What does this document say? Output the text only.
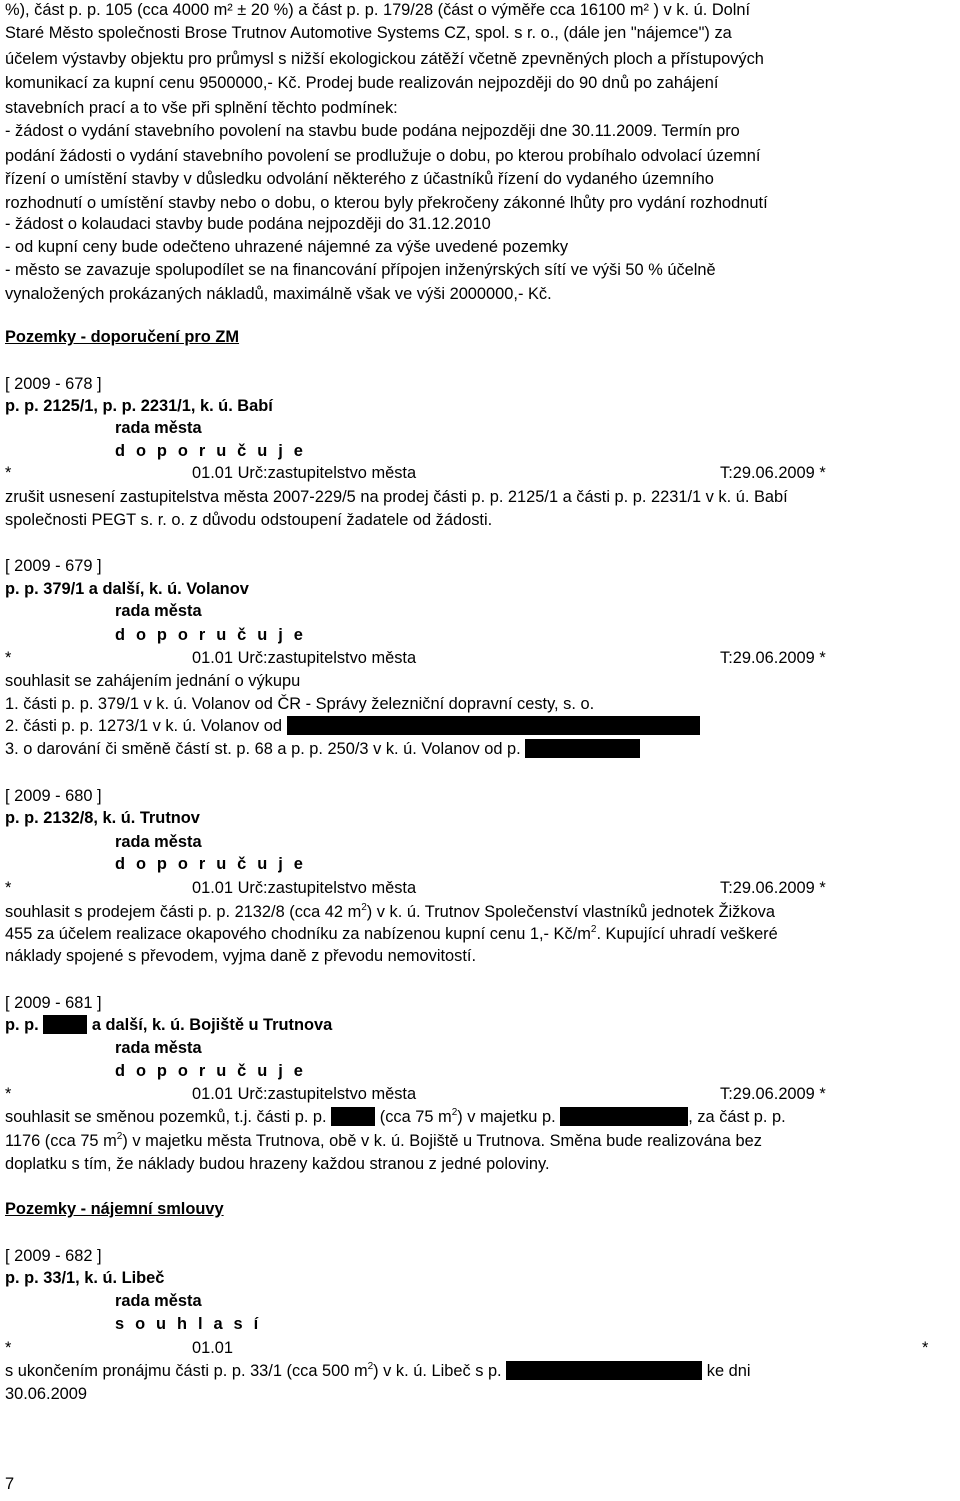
%), část p. p. 105 (cca 4000 m² ± 20 %) a část p. p. 179/28 (část o výměře cca 16100 m² ) v k. ú. Dolní
Staré Město společnosti Brose Trutnov Automotive Systems CZ, spol. s r. o., (dále jen "nájemce") za
účelem výstavby objektu pro průmysl s nižší ekologickou zátěží včetně zpevněných ploch a přístupových
komunikací za kupní cenu 9500000,- Kč. Prodej bude realizován nejpozději do 90 dnů po zahájení
stavebních prací a to vše při splnění těchto podmínek:
- žádost o vydání stavebního povolení na stavbu bude podána nejpozději dne 30.11.2009. Termín pro
podání žádosti o vydání stavebního povolení se prodlužuje o dobu, po kterou probíhalo odvolací územní
řízení o umístění stavby v důsledku odvolání některého z účastníků řízení do vydaného územního
rozhodnutí o umístění stavby nebo o dobu, o kterou byly překročeny zákonné lhůty pro vydání rozhodnutí
- žádost o kolaudaci stavby bude podána nejpozději do 31.12.2010
- od kupní ceny bude odečteno uhrazené nájemné za výše uvedené pozemky
- město se zavazuje spolupodílet se na financování přípojen inženýrských sítí ve výši 50 % účelně
vynaložených prokázaných nákladů, maximálně však ve výši 2000000,- Kč.
Pozemky - doporučení pro ZM
[ 2009 - 678 ]
p. p. 2125/1, p. p. 2231/1, k. ú. Babí
rada města
d o p o r u č u j e
*	01.01 Urč:zastupitelstvo města	T:29.06.2009 *
zrušit usnesení zastupitelstva města 2007-229/5 na prodej části p. p. 2125/1 a části p. p. 2231/1 v k. ú. Babí
společnosti PEGT s. r. o. z důvodu odstoupení žadatele od žádosti.
[ 2009 - 679 ]
p. p. 379/1 a další, k. ú. Volanov
rada města
d o p o r u č u j e
*	01.01 Urč:zastupitelstvo města	T:29.06.2009 *
souhlasit se zahájením jednání o výkupu
1. části p. p. 379/1 v k. ú. Volanov od ČR - Správy železniční dopravní cesty, s. o.
2. části p. p. 1273/1 v k. ú. Volanov od
3. o darování či směně částí st. p. 68 a p. p. 250/3 v k. ú. Volanov od p.
[ 2009 - 680 ]
p. p. 2132/8, k. ú. Trutnov
rada města
d o p o r u č u j e
*	01.01 Urč:zastupitelstvo města	T:29.06.2009 *
souhlasit s prodejem části p. p. 2132/8 (cca 42 $m^2$) v k. ú. Trutnov Společenství vlastníků jednotek Žižkova
455 za účelem realizace okapového chodníku za nabízenou kupní cenu 1,- $Kč/m^2$. Kupující uhradí veškeré
náklady spojené s převodem, vyjma daně z převodu nemovitostí.
[ 2009 - 681 ]
p. p.	a další, k. ú. Bojiště u Trutnova
rada města
d o p o r u č u j e
*	01.01 Urč:zastupitelstvo města	T:29.06.2009 *
souhlasit se směnou pozemků, t.j. části p. p.	(cca 75 $m^2$) v majetku p.	, za část p. p.
1176 (cca 75 $m^2$) v majetku města Trutnova, obě v k. ú. Bojiště u Trutnova. Směna bude realizována bez
doplatku s tím, že náklady budou hrazeny každou stranou z jedné poloviny.
Pozemky - nájemní smlouvy
[ 2009 - 682 ]
p. p. 33/1, k. ú. Libeč
rada města
s o u h l a s í
*	01.01	*
s ukončením pronájmu části p. p. 33/1 (cca 500 $m^2$) v k. ú. Libeč s p.	ke dni
30.06.2009
7
